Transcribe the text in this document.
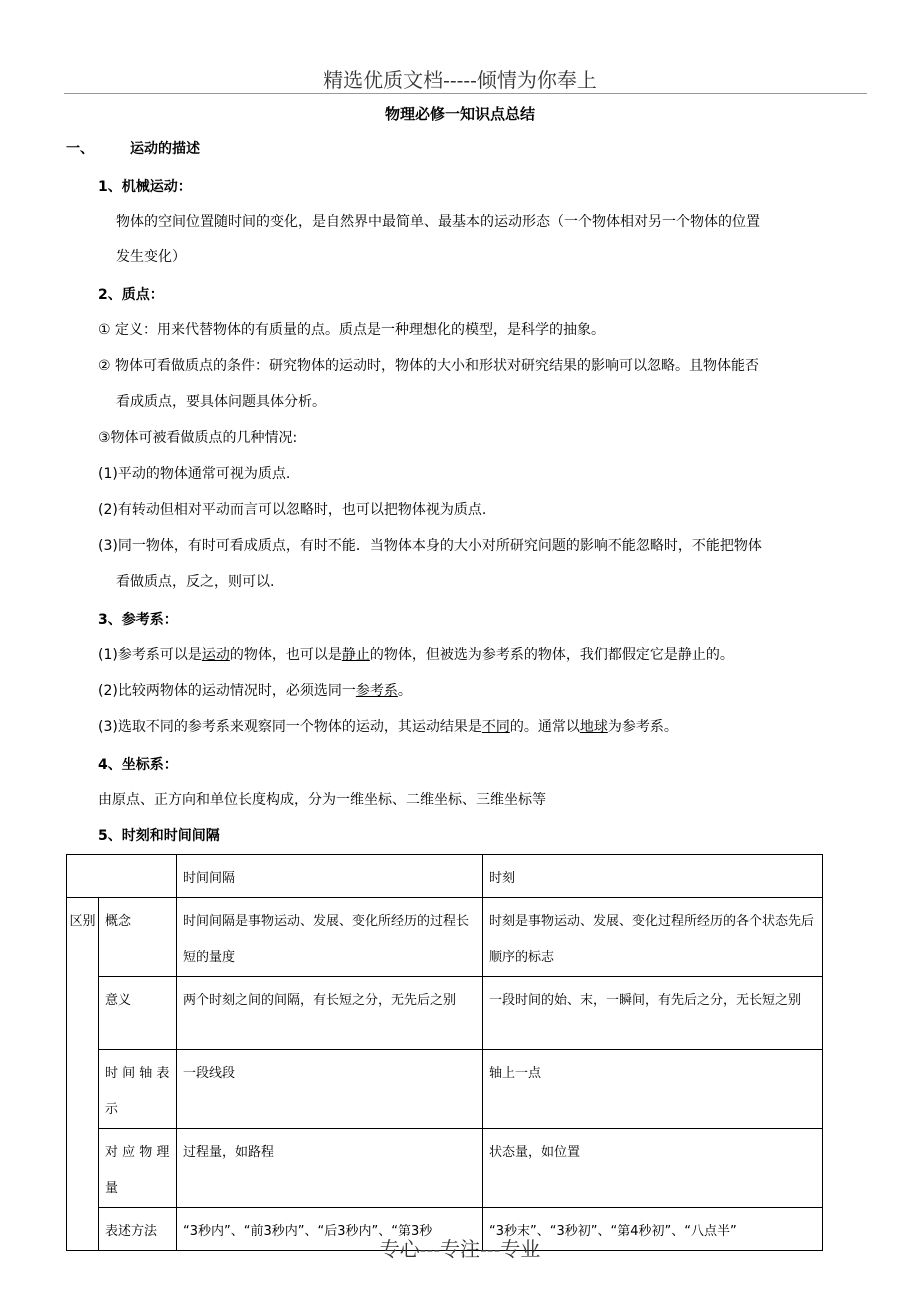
精选优质文档-----倾情为你奉上
物理必修一知识点总结
一、	运动的描述
1、机械运动：
物体的空间位置随时间的变化，是自然界中最简单、最基本的运动形态（一个物体相对另一个物体的位置
发生变化）
2、质点：
① 定义：用来代替物体的有质量的点。质点是一种理想化的模型，是科学的抽象。
② 物体可看做质点的条件：研究物体的运动时，物体的大小和形状对研究结果的影响可以忽略。且物体能否
看成质点，要具体问题具体分析。
③物体可被看做质点的几种情况:
(1)平动的物体通常可视为质点.
(2)有转动但相对平动而言可以忽略时，也可以把物体视为质点.
(3)同一物体，有时可看成质点，有时不能．当物体本身的大小对所研究问题的影响不能忽略时，不能把物体
看做质点，反之，则可以.
3、参考系：
(1)参考系可以是运动的物体，也可以是静止的物体，但被选为参考系的物体，我们都假定它是静止的。
(2)比较两物体的运动情况时，必须选同一参考系。
(3)选取不同的参考系来观察同一个物体的运动，其运动结果是不同的。通常以地球为参考系。
4、坐标系：
由原点、正方向和单位长度构成，分为一维坐标、二维坐标、三维坐标等
5、时刻和时间间隔
		时间间隔	时刻
区别	概念	时间间隔是事物运动、发展、变化所经历的过程长短的量度	时刻是事物运动、发展、变化过程所经历的各个状态先后顺序的标志
	意义	两个时刻之间的间隔，有长短之分，无先后之别	一段时间的始、末，一瞬间，有先后之分，无长短之别
	时 间 轴 表示	一段线段	轴上一点
	对 应 物 理量	过程量，如路程	状态量，如位置
	表述方法	“3秒内”、“前3秒内”、“后3秒内”、“第3秒	“3秒末”、“3秒初”、“第4秒初”、“八点半”
专心---专注---专业
